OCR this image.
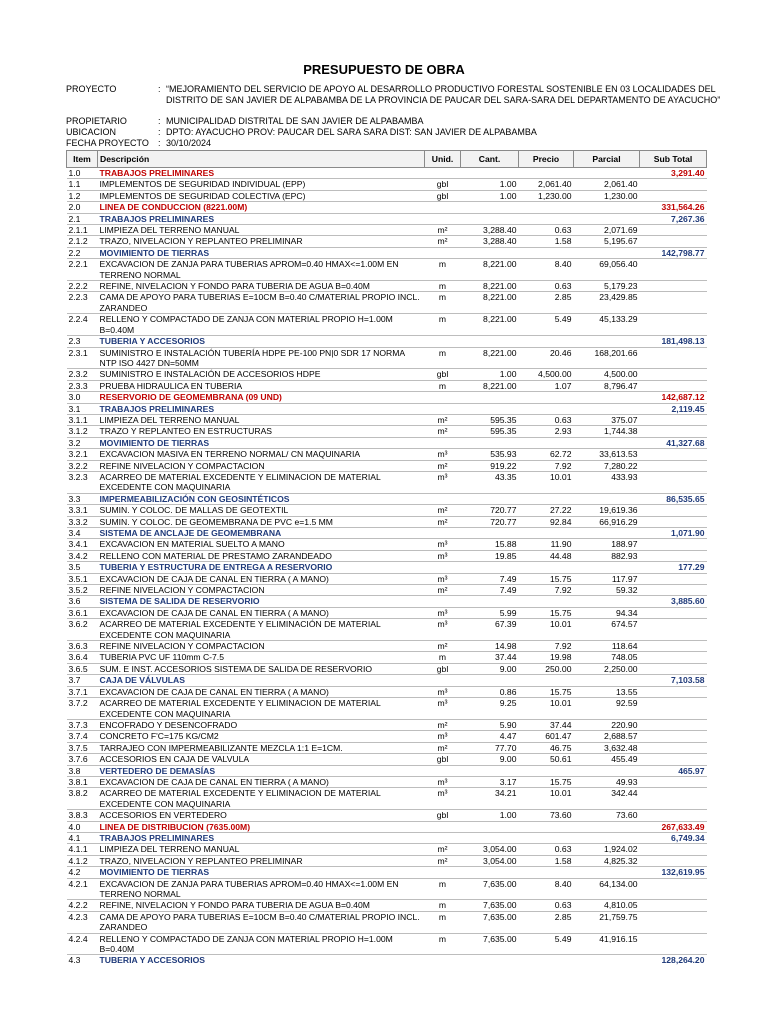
PRESUPUESTO DE OBRA
PROYECTO	: “MEJORAMIENTO DEL SERVICIO DE APOYO AL DESARROLLO PRODUCTIVO FORESTAL SOSTENIBLE EN 03 LOCALIDADES DEL DISTRITO DE SAN JAVIER DE ALPABAMBA DE LA PROVINCIA DE PAUCAR DEL SARA-SARA DEL DEPARTAMENTO DE AYACUCHO”
PROPIETARIO	: MUNICIPALIDAD DISTRITAL DE SAN JAVIER DE ALPABAMBA
UBICACION	: DPTO: AYACUCHO PROV: PAUCAR DEL SARA SARA DIST: SAN JAVIER DE ALPABAMBA
FECHA PROYECTO	: 30/10/2024
Item	Descripción	Unid.	Cant.	Precio	Parcial	Sub Total
1.0	TRABAJOS PRELIMINARES					3,291.40
1.1	IMPLEMENTOS DE SEGURIDAD INDIVIDUAL (EPP)	gbl	1.00	2,061.40	2,061.40	
1.2	IMPLEMENTOS DE SEGURIDAD COLECTIVA (EPC)	gbl	1.00	1,230.00	1,230.00	
2.0	LINEA DE CONDUCCION (8221.00M)					331,564.26
2.1	TRABAJOS PRELIMINARES					7,267.36
2.1.1	LIMPIEZA DEL TERRENO MANUAL	m²	3,288.40	0.63	2,071.69	
2.1.2	TRAZO, NIVELACION Y REPLANTEO PRELIMINAR	m²	3,288.40	1.58	5,195.67	
2.2	MOVIMIENTO DE TIERRAS					142,798.77
2.2.1	EXCAVACION DE ZANJA PARA TUBERIAS APROM=0.40 HMAX<=1.00M EN TERRENO NORMAL	m	8,221.00	8.40	69,056.40	
2.2.2	REFINE, NIVELACION Y FONDO PARA TUBERIA DE AGUA B=0.40M	m	8,221.00	0.63	5,179.23	
2.2.3	CAMA DE APOYO PARA TUBERIAS E=10CM B=0.40 C/MATERIAL PROPIO INCL. ZARANDEO	m	8,221.00	2.85	23,429.85	
2.2.4	RELLENO Y COMPACTADO DE ZANJA CON MATERIAL PROPIO H=1.00M B=0.40M	m	8,221.00	5.49	45,133.29	
2.3	TUBERIA Y ACCESORIOS					181,498.13
2.3.1	SUMINISTRO E INSTALACIÓN TUBERÍA HDPE PE-100 PN|0 SDR 17 NORMA NTP ISO 4427 DN=50MM	m	8,221.00	20.46	168,201.66	
2.3.2	SUMINISTRO E INSTALACIÓN DE ACCESORIOS HDPE	gbl	1.00	4,500.00	4,500.00	
2.3.3	PRUEBA HIDRAULICA EN TUBERIA	m	8,221.00	1.07	8,796.47	
3.0	RESERVORIO DE GEOMEMBRANA (09 UND)					142,687.12
3.1	TRABAJOS PRELIMINARES					2,119.45
3.1.1	LIMPIEZA DEL TERRENO MANUAL	m²	595.35	0.63	375.07	
3.1.2	TRAZO Y REPLANTEO EN ESTRUCTURAS	m²	595.35	2.93	1,744.38	
3.2	MOVIMIENTO DE TIERRAS					41,327.68
3.2.1	EXCAVACION MASIVA EN TERRENO NORMAL/ CN MAQUINARIA	m³	535.93	62.72	33,613.53	
3.2.2	REFINE NIVELACION Y COMPACTACION	m²	919.22	7.92	7,280.22	
3.2.3	ACARREO DE MATERIAL EXCEDENTE Y ELIMINACION DE MATERIAL EXCEDENTE CON MAQUINARIA	m³	43.35	10.01	433.93	
3.3	IMPERMEABILIZACIÓN CON GEOSINTÉTICOS					86,535.65
3.3.1	SUMIN. Y COLOC. DE MALLAS DE GEOTEXTIL	m²	720.77	27.22	19,619.36	
3.3.2	SUMIN. Y COLOC. DE GEOMEMBRANA DE PVC e=1.5 MM	m²	720.77	92.84	66,916.29	
3.4	SISTEMA DE ANCLAJE DE GEOMEMBRANA					1,071.90
3.4.1	EXCAVACION EN MATERIAL SUELTO A MANO	m³	15.88	11.90	188.97	
3.4.2	RELLENO CON MATERIAL DE PRESTAMO ZARANDEADO	m³	19.85	44.48	882.93	
3.5	TUBERIA Y ESTRUCTURA DE ENTREGA A RESERVORIO					177.29
3.5.1	EXCAVACION DE CAJA DE CANAL EN TIERRA ( A MANO)	m³	7.49	15.75	117.97	
3.5.2	REFINE NIVELACION Y COMPACTACION	m²	7.49	7.92	59.32	
3.6	SISTEMA DE SALIDA DE RESERVORIO					3,885.60
3.6.1	EXCAVACION DE CAJA DE CANAL EN TIERRA ( A MANO)	m³	5.99	15.75	94.34	
3.6.2	ACARREO DE MATERIAL EXCEDENTE Y ELIMINACIÓN DE MATERIAL EXCEDENTE CON MAQUINARIA	m³	67.39	10.01	674.57	
3.6.3	REFINE NIVELACION Y COMPACTACION	m²	14.98	7.92	118.64	
3.6.4	TUBERIA PVC UF 110mm C-7.5	m	37.44	19.98	748.05	
3.6.5	SUM. E INST. ACCESORIOS SISTEMA DE SALIDA DE RESERVORIO	gbl	9.00	250.00	2,250.00	
3.7	CAJA DE VÁLVULAS					7,103.58
3.7.1	EXCAVACION DE CAJA DE CANAL EN TIERRA ( A MANO)	m³	0.86	15.75	13.55	
3.7.2	ACARREO DE MATERIAL EXCEDENTE Y ELIMINACION DE MATERIAL EXCEDENTE CON MAQUINARIA	m³	9.25	10.01	92.59	
3.7.3	ENCOFRADO Y DESENCOFRADO	m²	5.90	37.44	220.90	
3.7.4	CONCRETO F'C=175 KG/CM2	m³	4.47	601.47	2,688.57	
3.7.5	TARRAJEO CON IMPERMEABILIZANTE MEZCLA 1:1 E=1CM.	m²	77.70	46.75	3,632.48	
3.7.6	ACCESORIOS EN CAJA DE VALVULA	gbl	9.00	50.61	455.49	
3.8	VERTEDERO DE DEMASÍAS					465.97
3.8.1	EXCAVACION DE CAJA DE CANAL EN TIERRA ( A MANO)	m³	3.17	15.75	49.93	
3.8.2	ACARREO DE MATERIAL EXCEDENTE Y ELIMINACION DE MATERIAL EXCEDENTE CON MAQUINARIA	m³	34.21	10.01	342.44	
3.8.3	ACCESORIOS EN VERTEDERO	gbl	1.00	73.60	73.60	
4.0	LINEA DE DISTRIBUCION (7635.00M)					267,633.49
4.1	TRABAJOS PRELIMINARES					6,749.34
4.1.1	LIMPIEZA DEL TERRENO MANUAL	m²	3,054.00	0.63	1,924.02	
4.1.2	TRAZO, NIVELACION Y REPLANTEO PRELIMINAR	m²	3,054.00	1.58	4,825.32	
4.2	MOVIMIENTO DE TIERRAS					132,619.95
4.2.1	EXCAVACION DE ZANJA PARA TUBERIAS APROM=0.40 HMAX<=1.00M EN TERRENO NORMAL	m	7,635.00	8.40	64,134.00	
4.2.2	REFINE, NIVELACION Y FONDO PARA TUBERIA DE AGUA B=0.40M	m	7,635.00	0.63	4,810.05	
4.2.3	CAMA DE APOYO PARA TUBERIAS E=10CM B=0.40 C/MATERIAL PROPIO INCL. ZARANDEO	m	7,635.00	2.85	21,759.75	
4.2.4	RELLENO Y COMPACTADO DE ZANJA CON MATERIAL PROPIO H=1.00M B=0.40M	m	7,635.00	5.49	41,916.15	
4.3	TUBERIA Y ACCESORIOS					128,264.20
